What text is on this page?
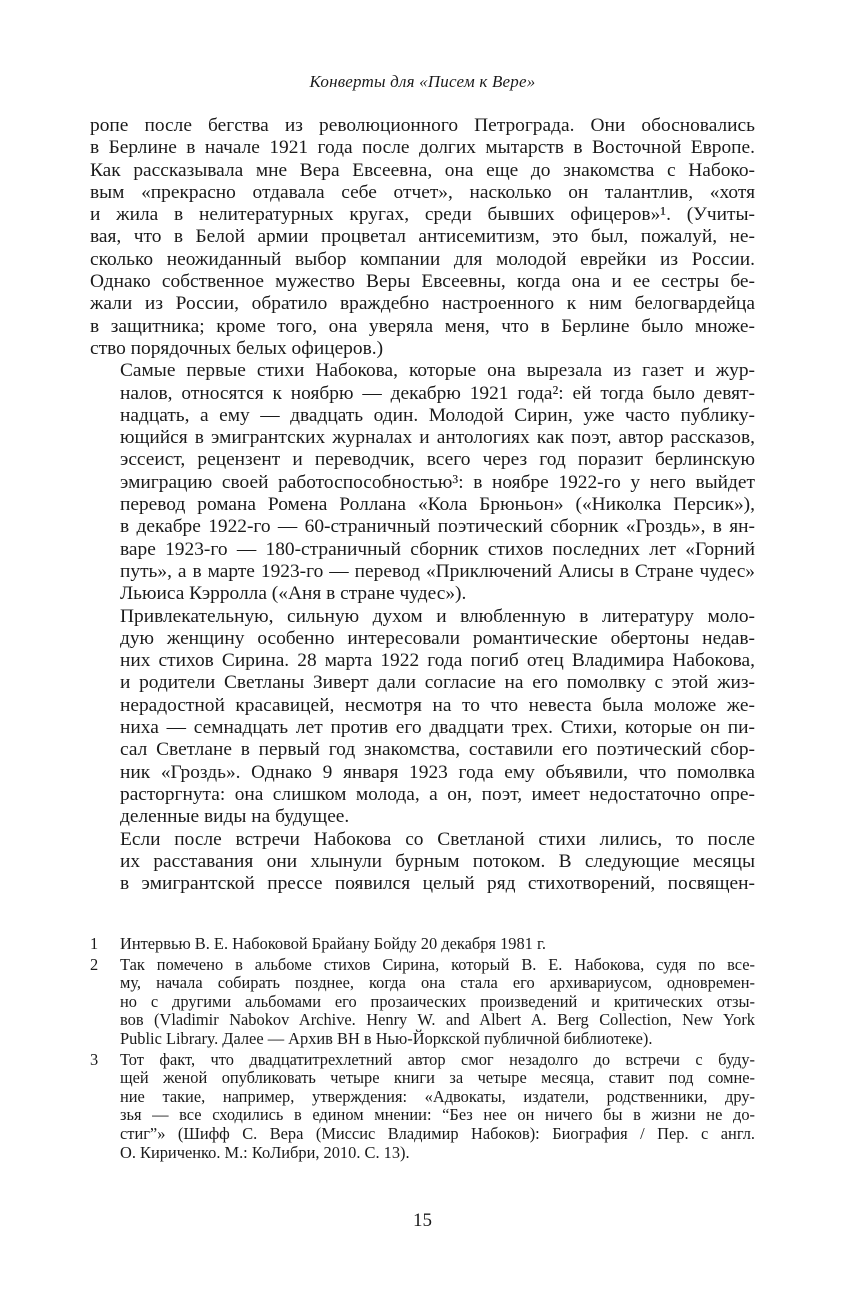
Конверты для «Писем к Вере»

ропе после бегства из революционного Петрограда. Они обосновались
в Берлине в начале 1921 года после долгих мытарств в Восточной Европе.
Как рассказывала мне Вера Евсеевна, она еще до знакомства с Набоко-
вым «прекрасно отдавала себе отчет», насколько он талантлив, «хотя
и жила в нелитературных кругах, среди бывших офицеров»¹. (Учиты-
вая, что в Белой армии процветал антисемитизм, это был, пожалуй, не-
сколько неожиданный выбор компании для молодой еврейки из России.
Однако собственное мужество Веры Евсеевны, когда она и ее сестры бе-
жали из России, обратило враждебно настроенного к ним белогвардейца
в защитника; кроме того, она уверяла меня, что в Берлине было множе-
ство порядочных белых офицеров.)

Самые первые стихи Набокова, которые она вырезала из газет и жур-
налов, относятся к ноябрю — декабрю 1921 года²: ей тогда было девят-
надцать, а ему — двадцать один. Молодой Сирин, уже часто публику-
ющийся в эмигрантских журналах и антологиях как поэт, автор рассказов,
эссеист, рецензент и переводчик, всего через год поразит берлинскую
эмиграцию своей работоспособностью³: в ноябре 1922-го у него выйдет
перевод романа Ромена Роллана «Кола Брюньон» («Николка Персик»),
в декабре 1922-го — 60-страничный поэтический сборник «Гроздь», в ян-
варе 1923-го — 180-страничный сборник стихов последних лет «Горний
путь», а в марте 1923-го — перевод «Приключений Алисы в Стране чудес»
Льюиса Кэрролла («Аня в стране чудес»).

Привлекательную, сильную духом и влюбленную в литературу моло-
дую женщину особенно интересовали романтические обертоны недав-
них стихов Сирина. 28 марта 1922 года погиб отец Владимира Набокова,
и родители Светланы Зиверт дали согласие на его помолвку с этой жиз-
нерадостной красавицей, несмотря на то что невеста была моложе же-
ниха — семнадцать лет против его двадцати трех. Стихи, которые он пи-
сал Светлане в первый год знакомства, составили его поэтический сбор-
ник «Гроздь». Однако 9 января 1923 года ему объявили, что помолвка
расторгнута: она слишком молода, а он, поэт, имеет недостаточно опре-
деленные виды на будущее.

Если после встречи Набокова со Светланой стихи лились, то после
их расставания они хлынули бурным потоком. В следующие месяцы
в эмигрантской прессе появился целый ряд стихотворений, посвящен-

1	Интервью В. Е. Набоковой Брайану Бойду 20 декабря 1981 г.
2	Так помечено в альбоме стихов Сирина, который В. Е. Набокова, судя по все-
му, начала собирать позднее, когда она стала его архивариусом, одновремен-
но с другими альбомами его прозаических произведений и критических отзы-
вов (Vladimir Nabokov Archive. Henry W. and Albert A. Berg Collection, New York
Public Library. Далее — Архив ВН в Нью-Йоркской публичной библиотеке).
3	Тот факт, что двадцатитрехлетний автор смог незадолго до встречи с буду-
щей женой опубликовать четыре книги за четыре месяца, ставит под сомне-
ние такие, например, утверждения: «Адвокаты, издатели, родственники, дру-
зья — все сходились в едином мнении: “Без нее он ничего бы в жизни не до-
стиг”» (Шифф С. Вера (Миссис Владимир Набоков): Биография / Пер. с англ.
О. Кириченко. М.: КоЛибри, 2010. С. 13).
15
